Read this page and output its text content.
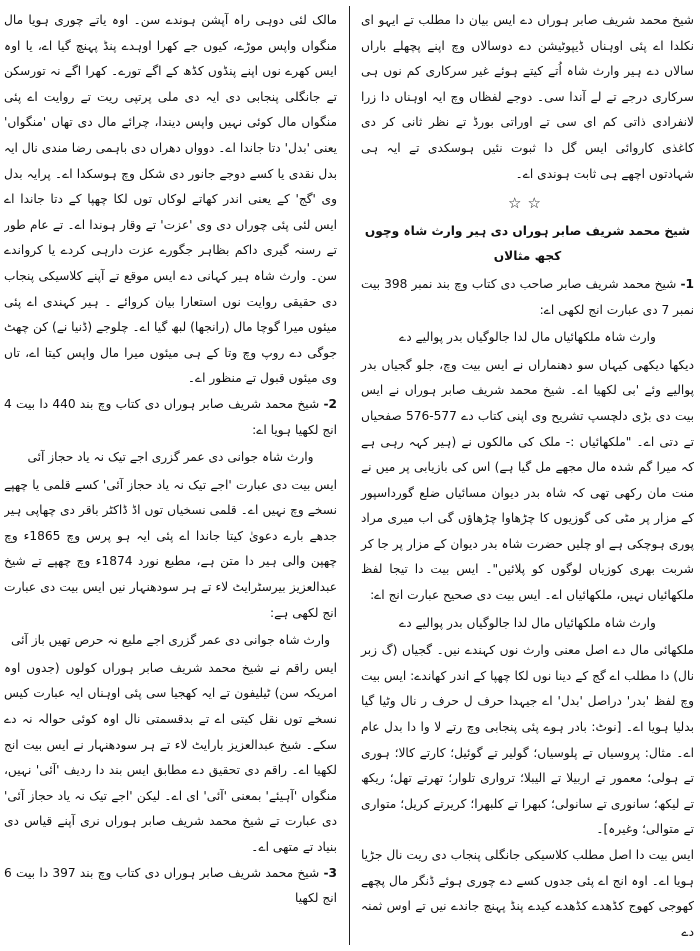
شیخ محمد شریف صابر ہوراں دے ایس بیان دا مطلب تے ایہو ای نکلدا اے پئی اوہناں ڈیپوٹیشن دے دوسالاں وچ اپنے پچھلے باراں سالاں دے ہیر وارث شاہ اُتے کیتے ہوئے غیر سرکاری کم نوں ہی سرکاری درجے تے لے آندا سی۔ دوجے لفظاں وچ ایہ اوہناں دا زرا لانفرادی ذاتی کم ای سی تے اوراتی بورڈ تے نظر ثانی کر دی کاغذی کاروائی ایس گل دا ثبوت نئیں ہوسکدی تے ایہ ہی شہادتوں اچھے ہی ثابت ہوندی اے۔

☆☆
شیخ محمد شریف صابر ہوراں دی ہیر وارث شاہ وچوں کجھ مثالاں

1- شیخ محمد شریف صابر صاحب دی کتاب وچ بند نمبر 398 بیت نمبر 7 دی عبارت انج لکھی اے:

وارث شاہ ملکھائیاں مال لدا جالوگیاں بدر پوالیے دے

دیکھا دیکھی کیہاں سو دھنماراں نے ایس بیت وچ، جلو گجیاں بدر پوالیے وئے 'بی لکھیا اے۔ شیخ محمد شریف صابر ہوراں نے ایس بیت دی بڑی دلچسپ تشریح وی اپنی کتاب دے 577-576 صفحیاں تے دتی اے۔ "ملکھائیاں :- ملک کی مالکوں نے (ہیر کہہ رہی ہے کہ میرا گم شدہ مال مجھے مل گیا ہے) اس کی بازیابی پر میں نے منت مان رکھی تھی کہ شاہ بدر دیوان مسائیاں ضلع گورداسپور کے مزار پر مٹی کی گوزیوں کا چڑھاوا چڑھاؤں گی اب میری مراد پوری ہوچکی ہے او چلیں حضرت شاہ بدر دیوان کے مزار پر جا کر شربت بھری کوزیاں لوگوں کو پلائیں"۔ ایس بیت دا تیجا لفظ ملکھائیاں نہیں، ملکھائیاں اے۔ ایس بیت دی صحیح عبارت انج اے:

وارث شاہ ملکھائیاں مال لدا جالوگیاں بدر پوالیے دے

ملکھائی مال دے اصل معنی وارث نوں کہندے نیں۔ گجیاں (گ زبر نال) دا مطلب اے گج کے دینا نوں لکا چھپا کے اندر کھاندے: ایس بیت وچ لفظ 'بدر' دراصل 'بدل' اے جیہدا حرف ل حرف ر نال وٹیا گیا بدلیا ہویا اے۔ [نوٹ: بادر ہوے پئی پنجابی وچ رتے لا وا دا بدل عام اے۔ مثال: پروسیاں تے پلوسیاں؛ گولیر تے گوئیل؛ کارتے کالا؛ ہوری تے ہولی؛ معمور تے اربیلا تے الیبلا؛ ترواری تلوار؛ تھرتے تھل؛ ریکھ تے لیکھ؛ سانوری تے سانولی؛ کبھرا تے کلبھرا؛ کریرتے کریل؛ متواری تے متوالی؛ وغیرہ]۔

ایس بیت دا اصل مطلب کلاسیکی جانگلی پنجاب دی ریت نال جڑیا ہویا اے۔ اوہ انج اے پئی جدوں کسے دے چوری ہوئے ڈنگر مال پچھے کھوجی کھوج کڈھدے کڈھدے کیدے پنڈ پہنچ جاندے نیں تے اوس ثمنہ دے

مالک لئی دوہی راہ آپشن ہوندے سن۔ اوہ یاتے چوری ہویا مال منگواں واپس موڑے، کیوں جے کھرا اوہدے پنڈ پہنچ گیا اے، یا اوہ ایس کھرے نوں اپنے پنڈوں کڈھ کے اگے تورے۔ کھرا اگے نہ تورسکن تے جانگلی پنجابی دی ایہ دی ملی پرتپی ریت تے روایت اے پئی منگواں مال کوئی نہیں واپس دیندا، چرائے مال دی تھاں 'منگواں' یعنی 'بدل' دتا جاندا اے۔ دوواں دھراں دی باہمی رضا مندی نال ایہ بدل نقدی یا کسے دوجے جانور دی شکل وچ ہوسکدا اے۔ پرایہ بدل وی 'گج' کے یعنی اندر کھاتے لوکاں توں لکا چھپا کے دتا جاندا اے ایس لئی پئی چوراں دی وی 'عزت' تے وقار ہوندا اے۔ تے عام طور تے رسنہ گیری داکم بظاہر جگورے عزت دارہی کردے یا کرواندے سن۔ وارث شاہ ہیر کہانی دے ایس موقع تے آپنے کلاسیکی پنجاب دی حقیقی روایت نوں استعارا بیان کروائے ۔ ہیر کہندی اے پئی میئوں میرا گوچا مال (رانجھا) لبھ گیا اے۔ چلوجے (ڈنیا نے) کن چھٹ جوگی دے روپ وچ وتا کے ہی میئوں میرا مال واپس کیتا اے، تاں وی میئوں قبول تے منظور اے۔

2- شیخ محمد شریف صابر ہوراں دی کتاب وچ بند 440 دا بیت 4 انج لکھیا ہویا اے:

وارث شاہ جوانی دی عمر گزری اجے تیک نہ یاد حجاز آئی

ایس بیت دی عبارت 'اجے تیک نہ یاد حجاز آئی' کسے قلمی یا چھپے نسخے وچ نہیں اے۔ قلمی نسخیاں توں اڈ ڈاکٹر باقر دی چھاپی ہیر جدھے بارے دعویٰ کیتا جاندا اے پئی ایہ ہو پرس وچ 1865ء وچ چھپن والی ہیر دا متن ہے، مطبع نورد 1874ء وچ چھپے تے شیخ عبدالعزیز بیرسٹرایٹ لاء تے ہر سودھنہار نیں ایس بیت دی عبارت انج لکھی ہے:

وارث شاہ جوانی دی عمر گزری اجے ملیع نہ حرص تھیں باز آئی

ایس راقم نے شیخ محمد شریف صابر ہوراں کولوں (جدوں اوہ امریکہ سن) ٹیلیفون تے ایہ کھجیا سی پئی اوہناں ایہ عبارت کیس نسخے توں نقل کیتی اے تے بدقسمتی نال اوہ کوئی حوالہ نہ دے سکے۔ شیخ عبدالعزیز بارایٹ لاء تے ہر سودھنہار نے ایس بیت انج لکھیا اے۔ راقم دی تحقیق دے مطابق ایس بند دا ردیف 'آئی' نہیں، منگواں 'آہیئے' بمعنی 'آئی' ای اے۔ لیکن 'اجے تیک نہ یاد حجاز آئی' دی عبارت تے شیخ محمد شریف صابر ہوراں نری آپنے قیاس دی بنیاد تے متھی اے۔

3- شیخ محمد شریف صابر ہوراں دی کتاب وچ بند 397 دا بیت 6 انج لکھیا
